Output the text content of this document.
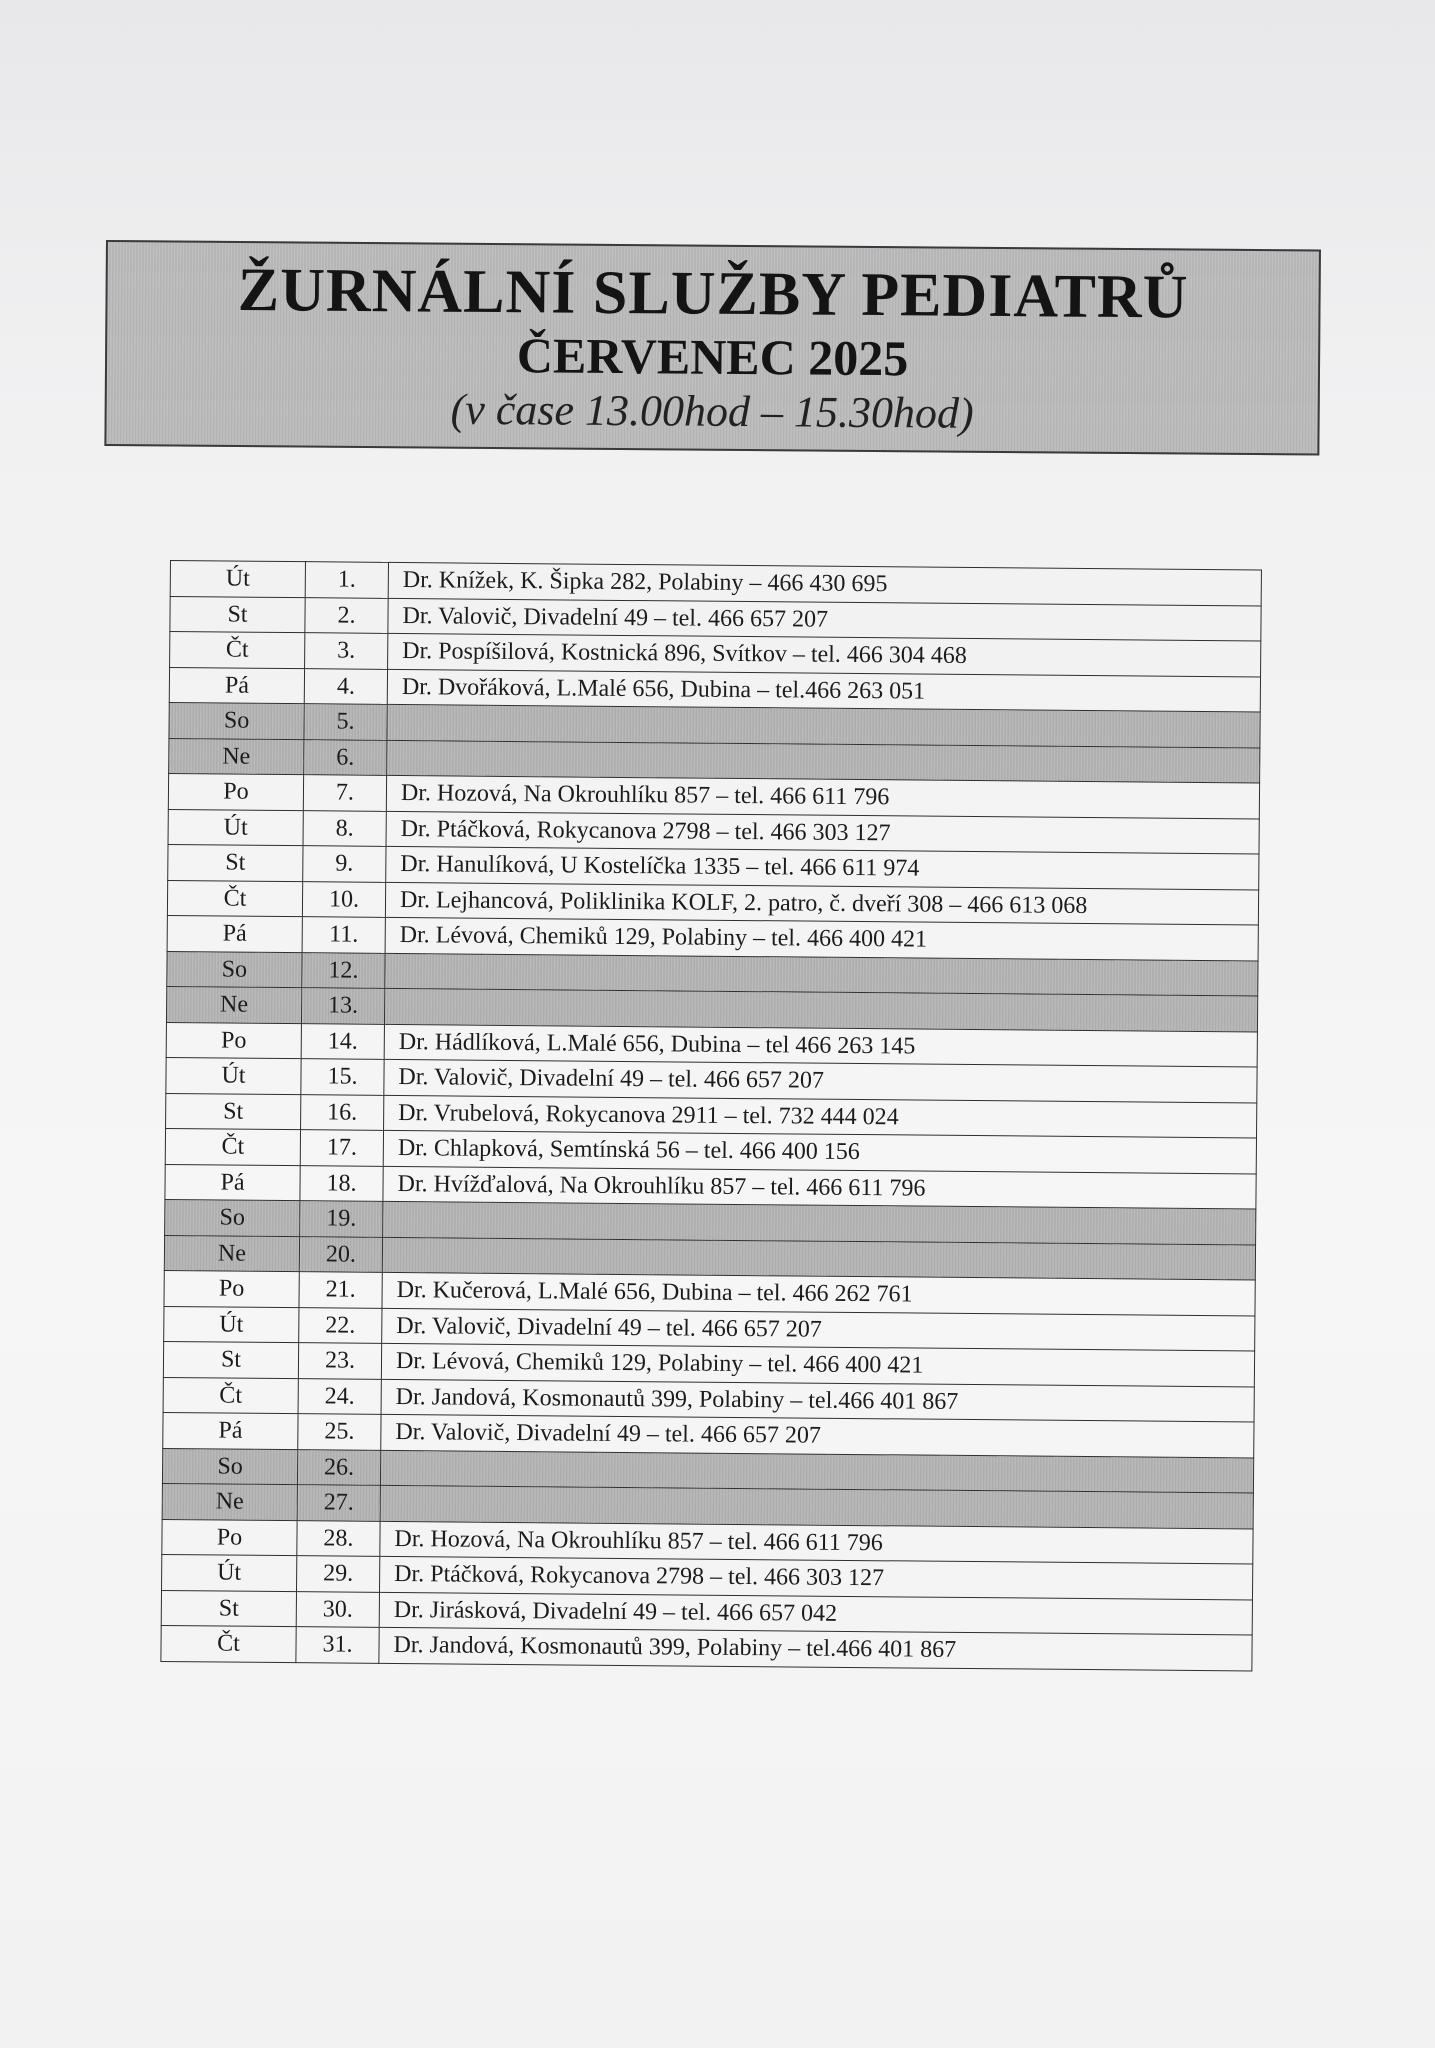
ŽURNÁLNÍ SLUŽBY PEDIATRŮ
ČERVENEC 2025
(v čase 13.00hod – 15.30hod)
Út	1.	Dr. Knížek, K. Šipka 282, Polabiny – 466 430 695
St	2.	Dr. Valovič, Divadelní 49 – tel. 466 657 207
Čt	3.	Dr. Pospíšilová, Kostnická 896, Svítkov – tel. 466 304 468
Pá	4.	Dr. Dvořáková, L.Malé 656, Dubina – tel.466 263 051
So	5.	
Ne	6.	
Po	7.	Dr. Hozová, Na Okrouhlíku 857 – tel. 466 611 796
Út	8.	Dr. Ptáčková, Rokycanova 2798 – tel. 466 303 127
St	9.	Dr. Hanulíková, U Kostelíčka 1335 – tel. 466 611 974
Čt	10.	Dr. Lejhancová, Poliklinika KOLF, 2. patro, č. dveří 308 – 466 613 068
Pá	11.	Dr. Lévová, Chemiků 129, Polabiny – tel. 466 400 421
So	12.	
Ne	13.	
Po	14.	Dr. Hádlíková, L.Malé 656, Dubina – tel 466 263 145
Út	15.	Dr. Valovič, Divadelní 49 – tel. 466 657 207
St	16.	Dr. Vrubelová, Rokycanova 2911 – tel. 732 444 024
Čt	17.	Dr. Chlapková, Semtínská 56 – tel. 466 400 156
Pá	18.	Dr. Hvížďalová, Na Okrouhlíku 857 – tel. 466 611 796
So	19.	
Ne	20.	
Po	21.	Dr. Kučerová, L.Malé 656, Dubina – tel. 466 262 761
Út	22.	Dr. Valovič, Divadelní 49 – tel. 466 657 207
St	23.	Dr. Lévová, Chemiků 129, Polabiny – tel. 466 400 421
Čt	24.	Dr. Jandová, Kosmonautů 399, Polabiny – tel.466 401 867
Pá	25.	Dr. Valovič, Divadelní 49 – tel. 466 657 207
So	26.	
Ne	27.	
Po	28.	Dr. Hozová, Na Okrouhlíku 857 – tel. 466 611 796
Út	29.	Dr. Ptáčková, Rokycanova 2798 – tel. 466 303 127
St	30.	Dr. Jirásková, Divadelní 49 – tel. 466 657 042
Čt	31.	Dr. Jandová, Kosmonautů 399, Polabiny – tel.466 401 867
